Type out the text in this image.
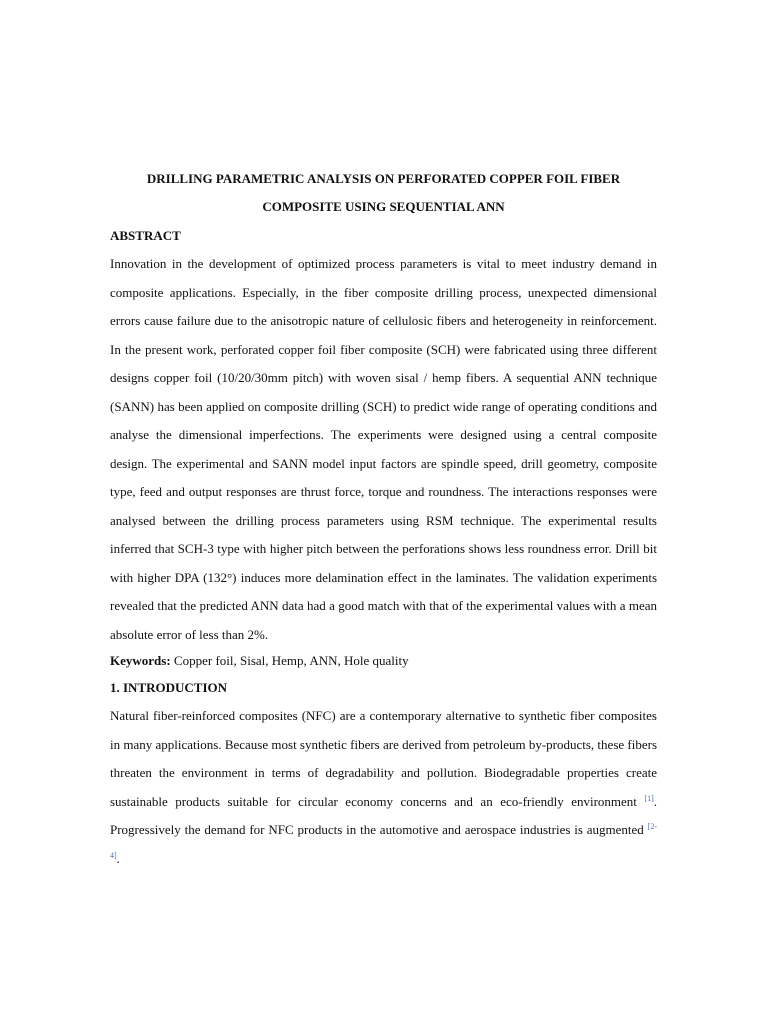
DRILLING PARAMETRIC ANALYSIS ON PERFORATED COPPER FOIL FIBER
COMPOSITE USING SEQUENTIAL ANN
ABSTRACT

Innovation in the development of optimized process parameters is vital to meet industry demand in composite applications. Especially, in the fiber composite drilling process, unexpected dimensional errors cause failure due to the anisotropic nature of cellulosic fibers and heterogeneity in reinforcement. In the present work, perforated copper foil fiber composite (SCH) were fabricated using three different designs copper foil (10/20/30mm pitch) with woven sisal / hemp fibers. A sequential ANN technique (SANN) has been applied on composite drilling (SCH) to predict wide range of operating conditions and analyse the dimensional imperfections. The experiments were designed using a central composite design. The experimental and SANN model input factors are spindle speed, drill geometry, composite type, feed and output responses are thrust force, torque and roundness. The interactions responses were analysed between the drilling process parameters using RSM technique. The experimental results inferred that SCH-3 type with higher pitch between the perforations shows less roundness error. Drill bit with higher DPA (132°) induces more delamination effect in the laminates. The validation experiments revealed that the predicted ANN data had a good match with that of the experimental values with a mean absolute error of less than 2%.

Keywords: Copper foil, Sisal, Hemp, ANN, Hole quality
1. INTRODUCTION

Natural fiber-reinforced composites (NFC) are a contemporary alternative to synthetic fiber composites in many applications. Because most synthetic fibers are derived from petroleum by-products, these fibers threaten the environment in terms of degradability and pollution. Biodegradable properties create sustainable products suitable for circular economy concerns and an eco-friendly environment [1]. Progressively the demand for NFC products in the automotive and aerospace industries is augmented [2-4].
